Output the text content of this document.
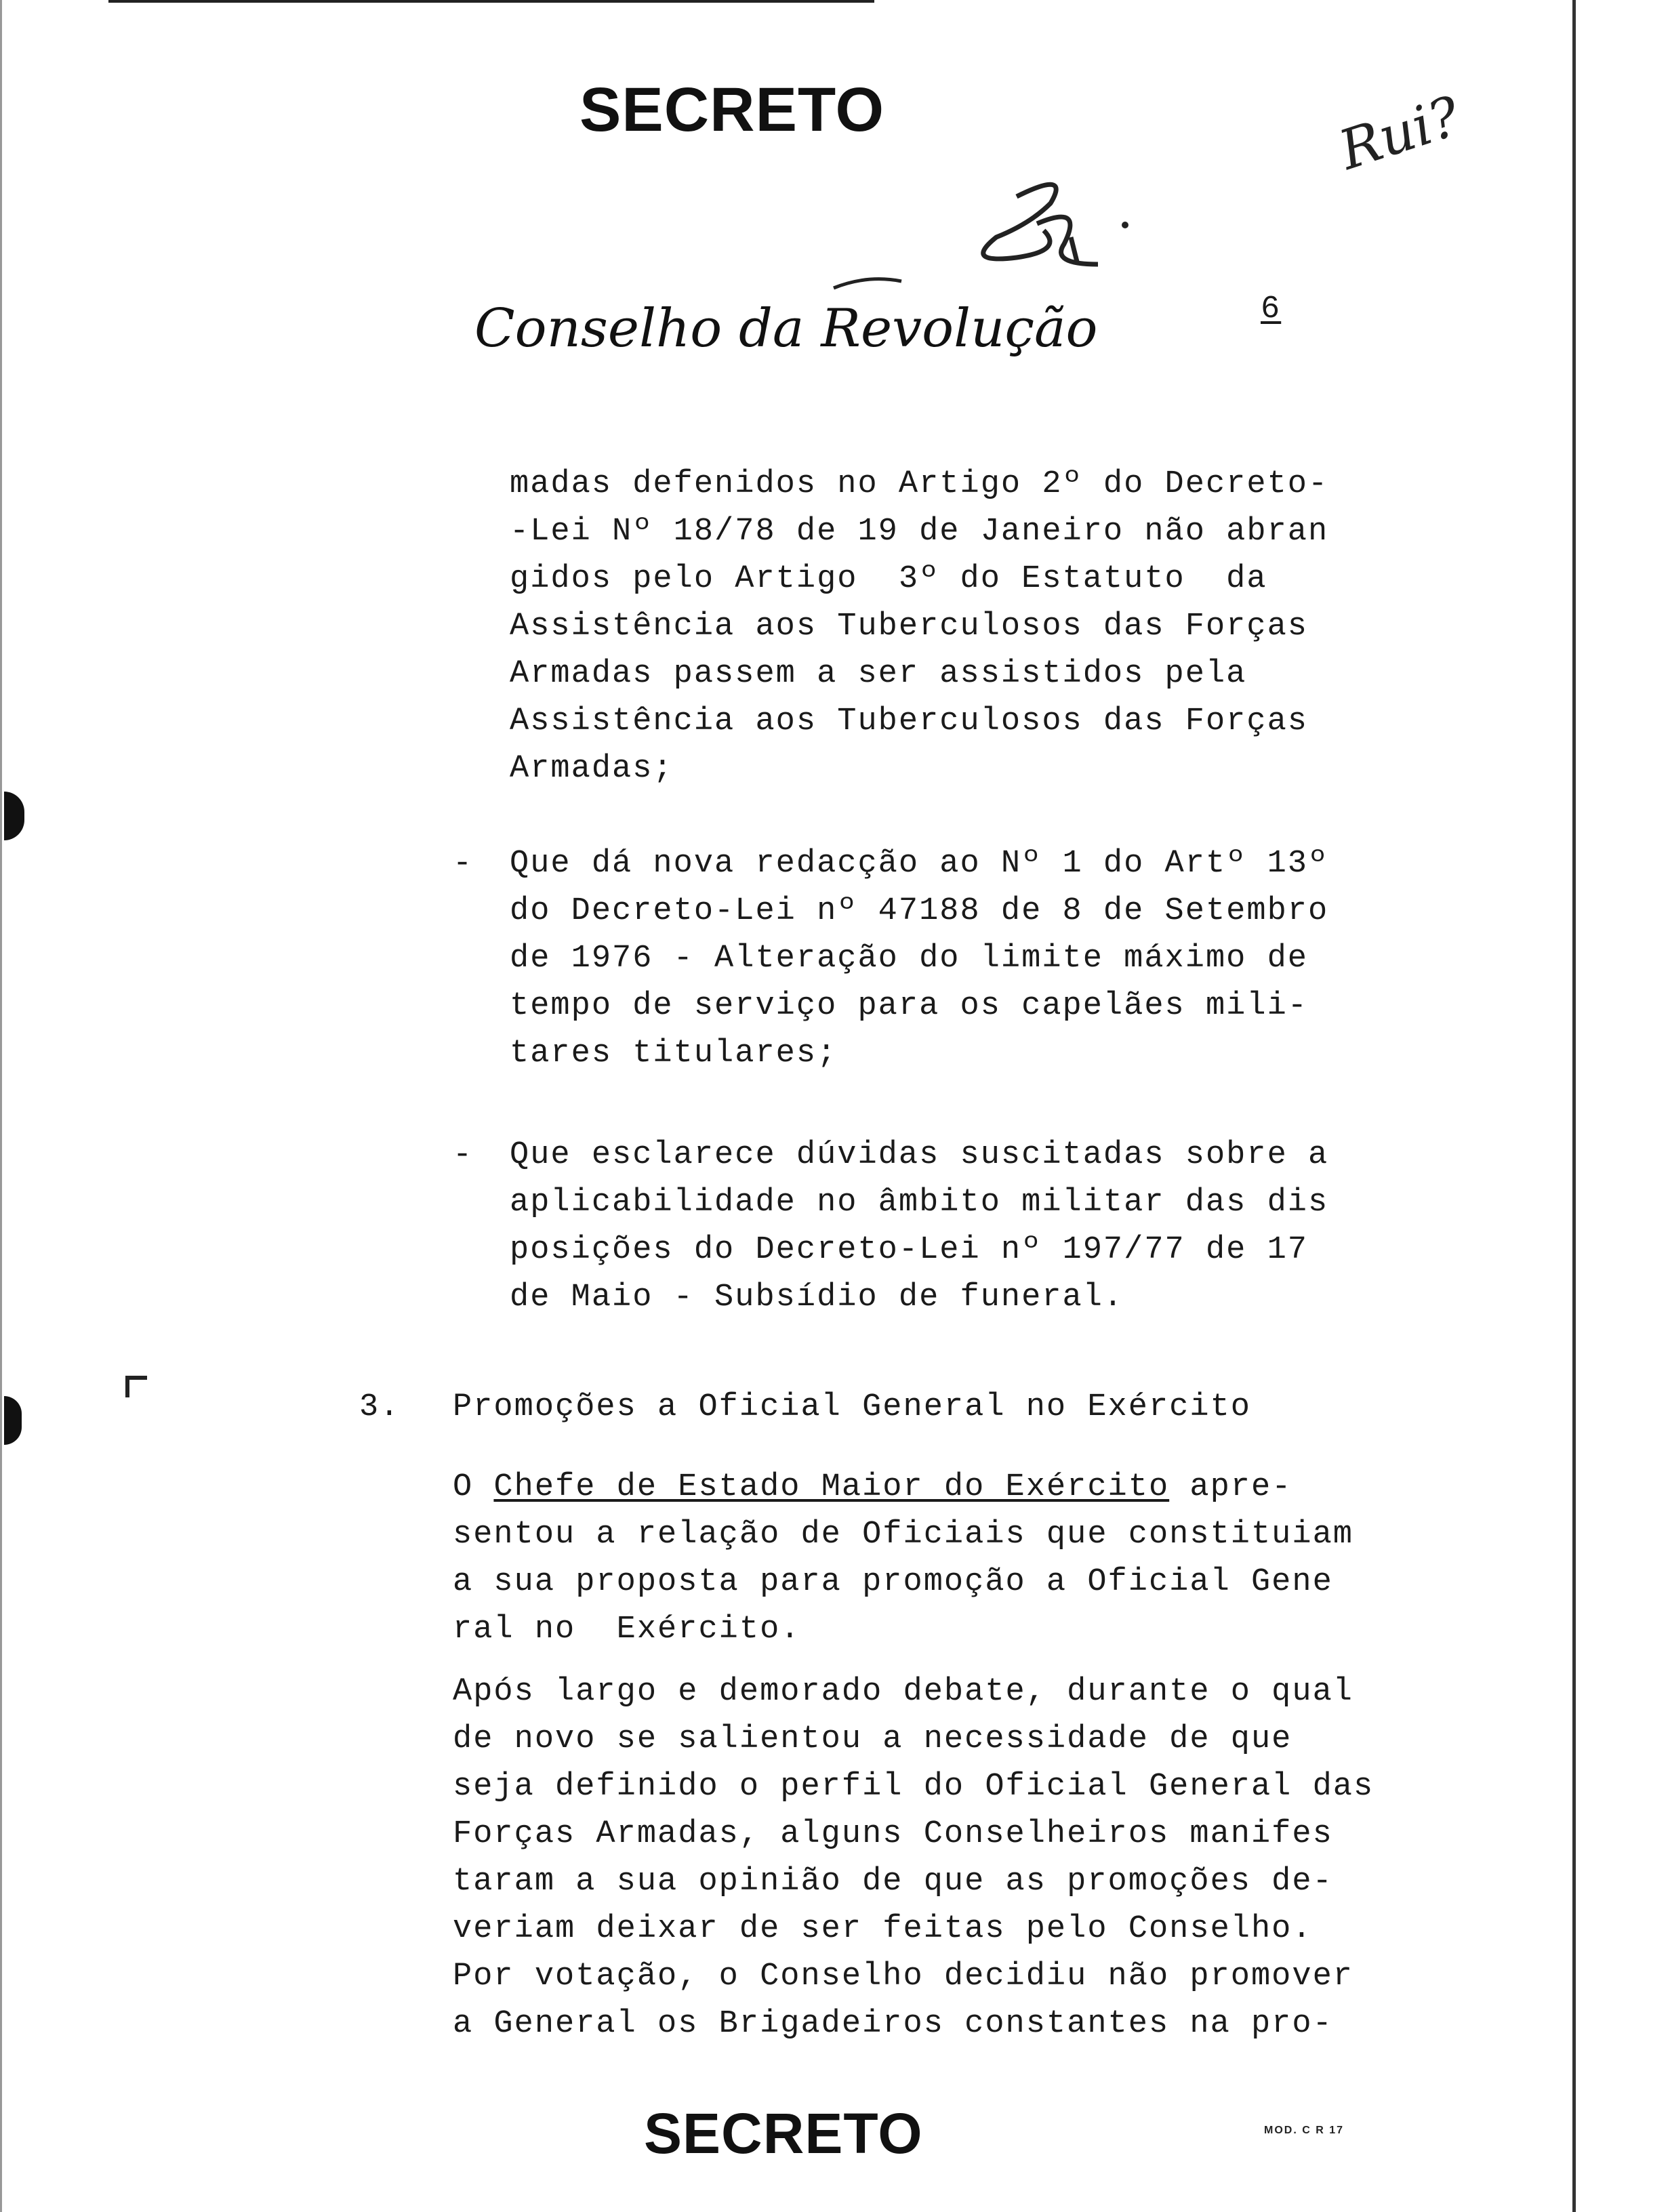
SECRETO	Rui?
Conselho da Revolução	6
madas defenidos no Artigo 2º do Decreto-
-Lei Nº 18/78 de 19 de Janeiro não abran
gidos pelo Artigo  3º do Estatuto  da
Assistência aos Tuberculosos das Forças
Armadas passem a ser assistidos pela
Assistência aos Tuberculosos das Forças
Armadas;
- Que dá nova redacção ao Nº 1 do Artº 13º
do Decreto-Lei nº 47188 de 8 de Setembro
de 1976 - Alteração do limite máximo de
tempo de serviço para os capelães mili-
tares titulares;
- Que esclarece dúvidas suscitadas sobre a
aplicabilidade no âmbito militar das dis
posições do Decreto-Lei nº 197/77 de 17
de Maio - Subsídio de funeral.
3. Promoções a Oficial General no Exército
O Chefe de Estado Maior do Exército apre-
sentou a relação de Oficiais que constituiam
a sua proposta para promoção a Oficial Gene
ral no  Exército.
Após largo e demorado debate, durante o qual
de novo se salientou a necessidade de que
seja definido o perfil do Oficial General das
Forças Armadas, alguns Conselheiros manifes
taram a sua opinião de que as promoções de-
veriam deixar de ser feitas pelo Conselho.
Por votação, o Conselho decidiu não promover
a General os Brigadeiros constantes na pro-
SECRETO	MOD. C R 17
